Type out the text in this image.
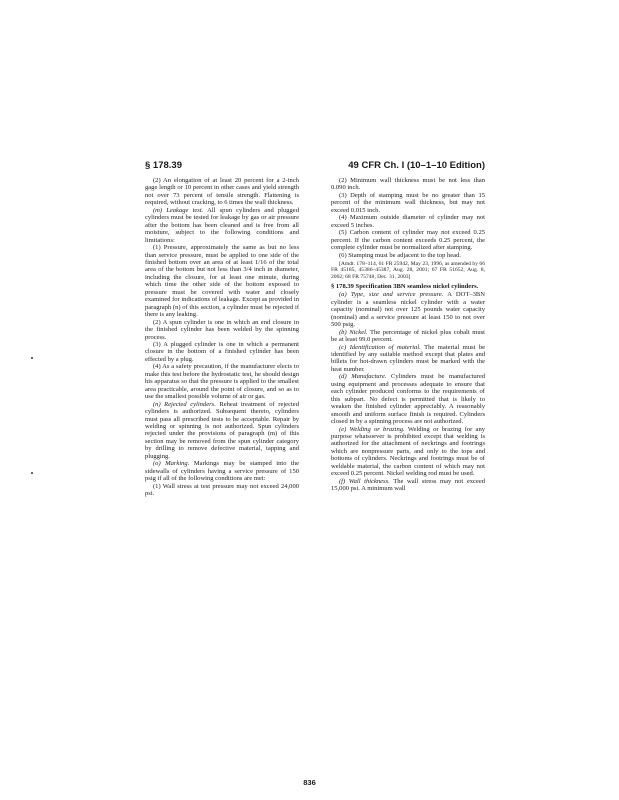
§ 178.39	49 CFR Ch. I (10–1–10 Edition)

(2) An elongation of at least 20 percent for a 2-inch gage length or 10 percent in other cases and yield strength not over 73 percent of tensile strength. Flattening is required, without cracking, to 6 times the wall thickness.

(m) Leakage test. All spun cylinders and plugged cylinders must be tested for leakage by gas or air pressure after the bottom has been cleaned and is free from all moisture, subject to the following conditions and limitations:

(1) Pressure, approximately the same as but no less than service pressure, must be applied to one side of the finished bottom over an area of at least 1/16 of the total area of the bottom but not less than 3/4 inch in diameter, including the closure, for at least one minute, during which time the other side of the bottom exposed to pressure must be covered with water and closely examined for indications of leakage. Except as provided in paragraph (n) of this section, a cylinder must be rejected if there is any leaking.

(2) A spun cylinder is one in which an end closure in the finished cylinder has been welded by the spinning process.

(3) A plugged cylinder is one in which a permanent closure in the bottom of a finished cylinder has been effected by a plug.

(4) As a safety precaution, if the manufacturer elects to make this test before the hydrostatic test, he should design his apparatus so that the pressure is applied to the smallest area practicable, around the point of closure, and so as to use the smallest possible volume of air or gas.

(n) Rejected cylinders. Reheat treatment of rejected cylinders is authorized. Subsequent thereto, cylinders must pass all prescribed tests to be acceptable. Repair by welding or spinning is not authorized. Spun cylinders rejected under the provisions of paragraph (m) of this section may be removed from the spun cylinder category by drilling to remove defective material, tapping and plugging.

(o) Marking. Markings may be stamped into the sidewalls of cylinders having a service pressure of 150 psig if all of the following conditions are met:

(1) Wall stress at test pressure may not exceed 24,000 psi.

(2) Minimum wall thickness must be not less than 0.090 inch.

(3) Depth of stamping must be no greater than 15 percent of the minimum wall thickness, but may not exceed 0.015 inch.

(4) Maximum outside diameter of cylinder may not exceed 5 inches.

(5) Carbon content of cylinder may not exceed 0.25 percent. If the carbon content exceeds 0.25 percent, the complete cylinder must be normalized after stamping.

(6) Stamping must be adjacent to the top head.

[Amdt. 178–114, 61 FR 25942, May 23, 1996, as amended by 66 FR 45185, 45386–45387, Aug. 28, 2001; 67 FR 51652, Aug. 8, 2002; 68 FR 75748, Dec. 31, 2003]

§ 178.39 Specification 3BN seamless nickel cylinders.

(a) Type, size and service pressure. A DOT–3BN cylinder is a seamless nickel cylinder with a water capacity (nominal) not over 125 pounds water capacity (nominal) and a service pressure at least 150 to not over 500 psig.

(b) Nickel. The percentage of nickel plus cobalt must be at least 99.0 percent.

(c) Identification of material. The material must be identified by any suitable method except that plates and billets for hot-drawn cylinders must be marked with the heat number.

(d) Manufacture. Cylinders must be manufactured using equipment and processes adequate to ensure that each cylinder produced conforms to the requirements of this subpart. No defect is permitted that is likely to weaken the finished cylinder appreciably. A reasonably smooth and uniform surface finish is required. Cylinders closed in by a spinning process are not authorized.

(e) Welding or brazing. Welding or brazing for any purpose whatsoever is prohibited except that welding is authorized for the attachment of neckrings and footrings which are nonpressure parts, and only to the tops and bottoms of cylinders. Neckrings and footrings must be of weldable material, the carbon content of which may not exceed 0.25 percent. Nickel welding rod must be used.

(f) Wall thickness. The wall stress may not exceed 15,000 psi. A minimum wall

836
